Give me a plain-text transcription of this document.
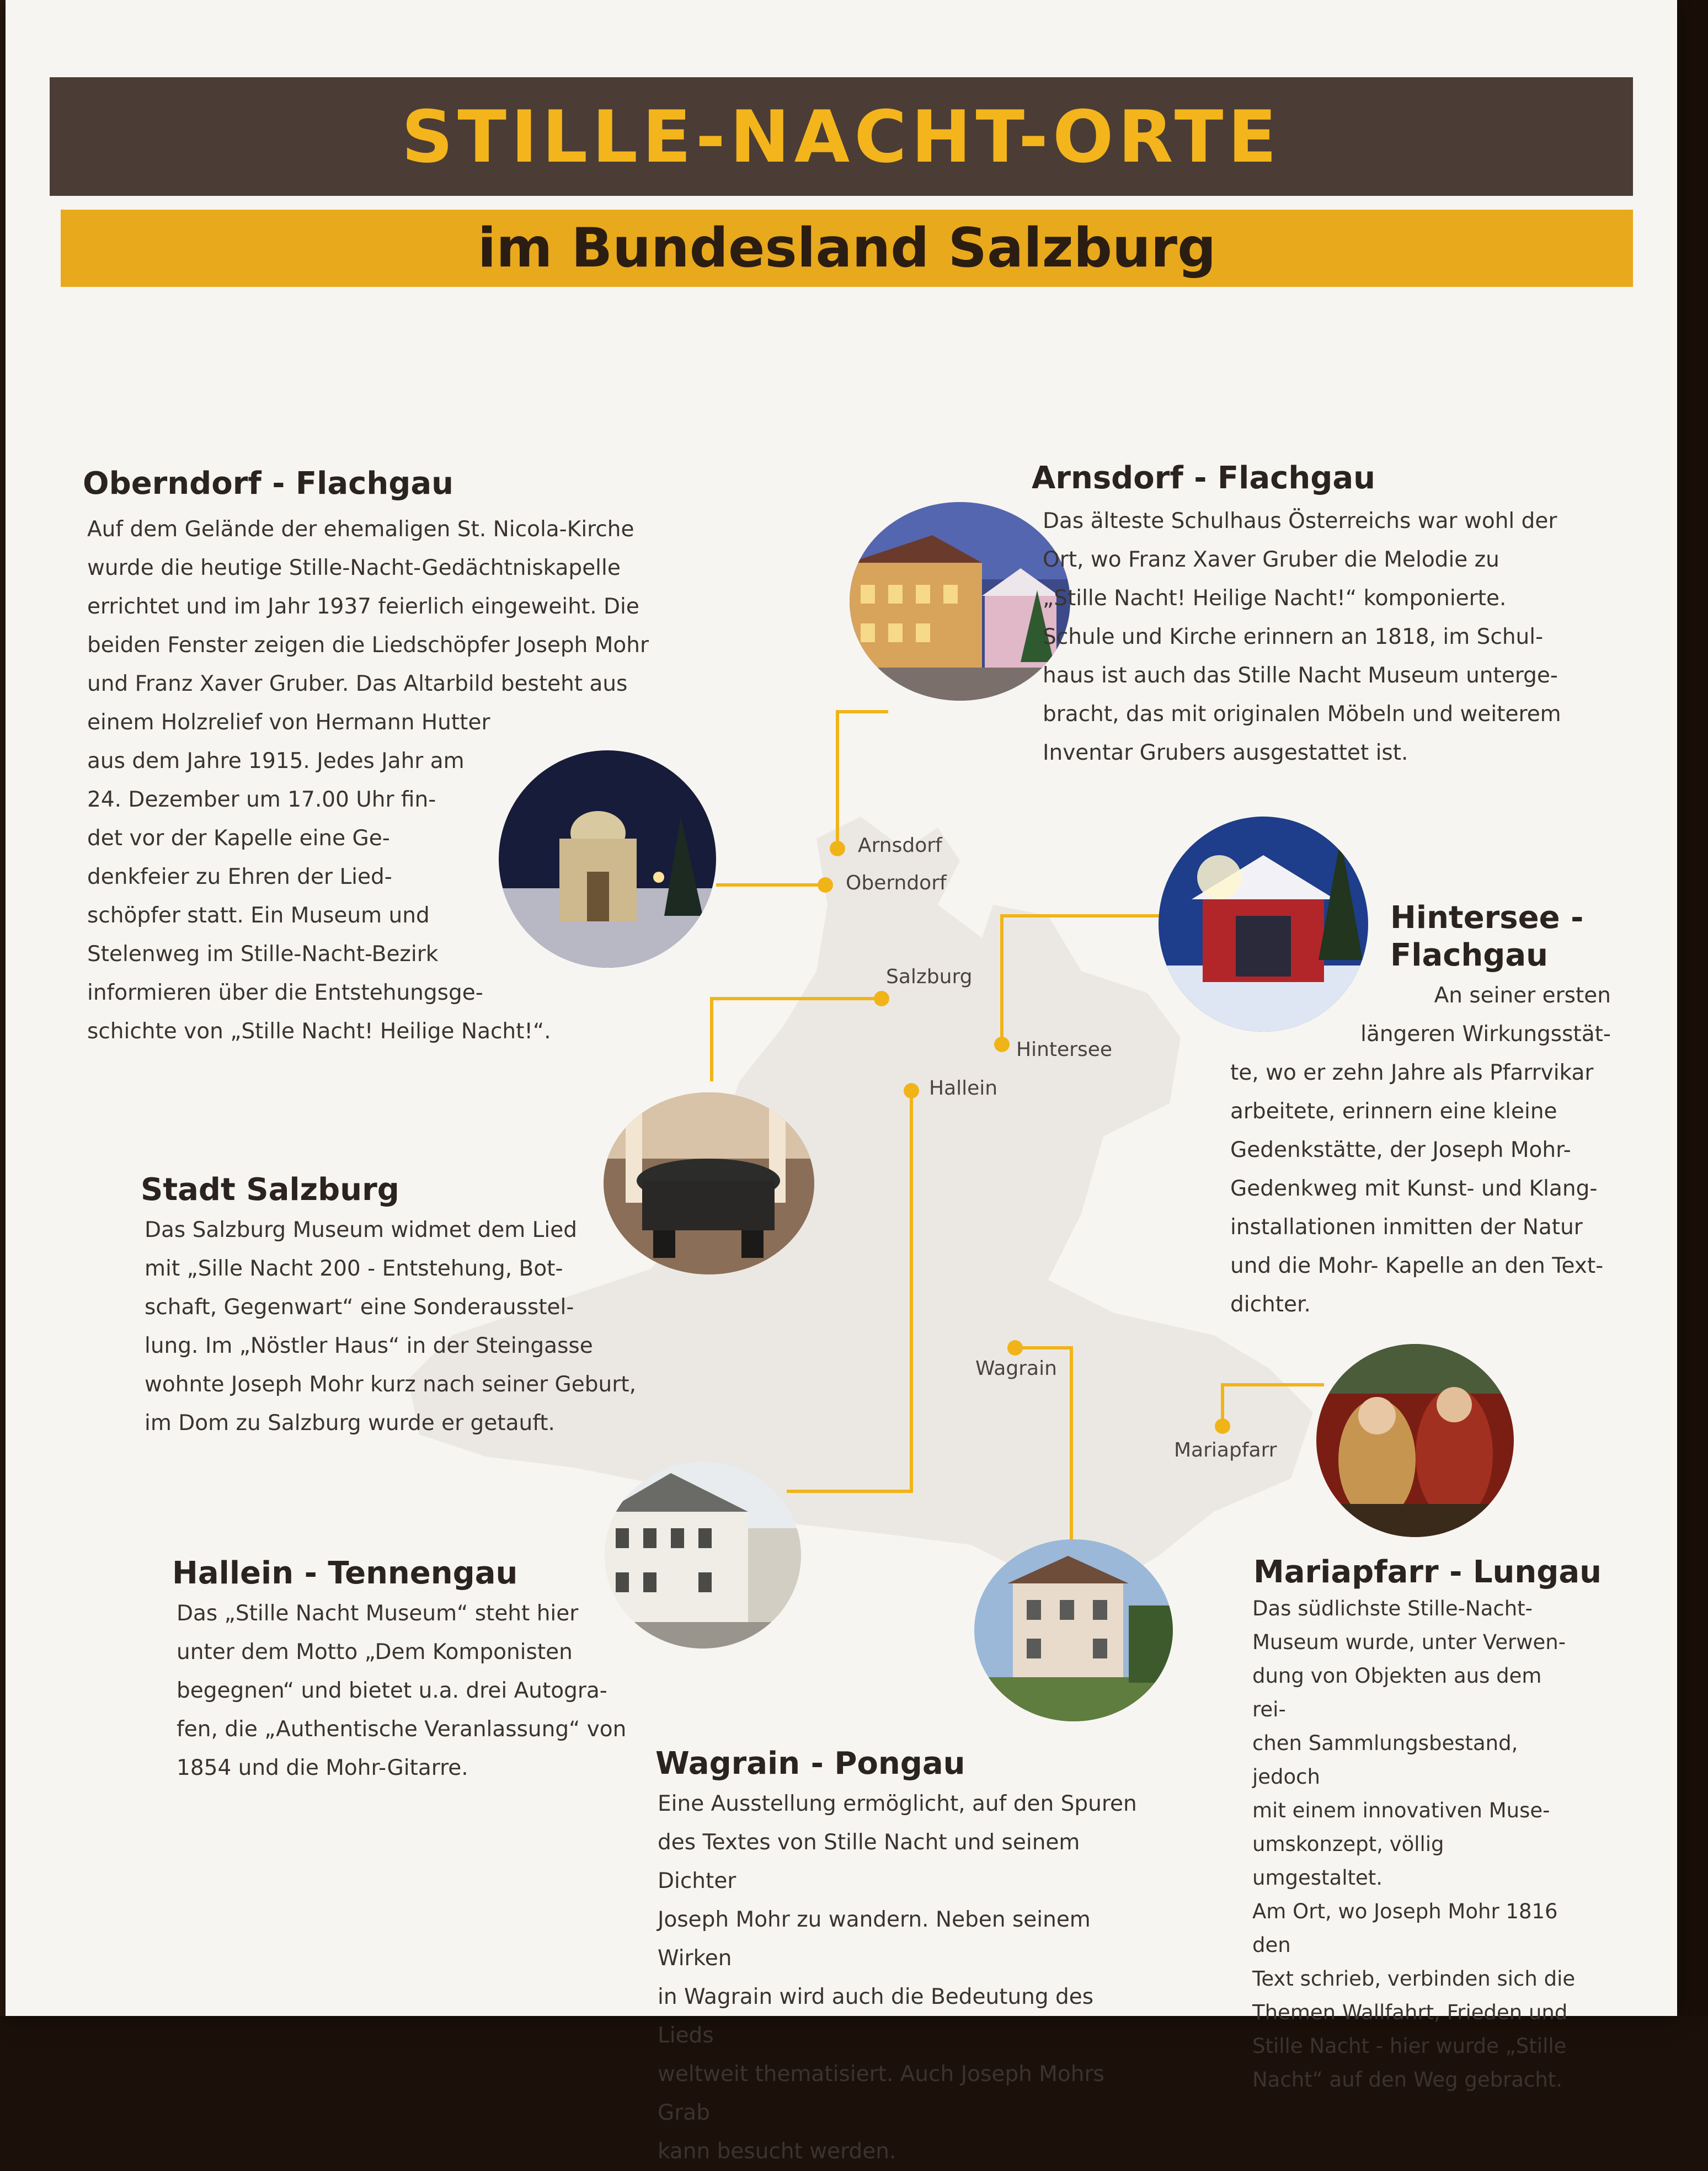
STILLE-NACHT-ORTE
im Bundesland Salzburg
Arnsdorf
Oberndorf
Salzburg
Hintersee
Hallein
Wagrain
Mariapfarr
Oberndorf - Flachgau
Auf dem Gelände der ehemaligen St. Nicola-Kirche
wurde die heutige Stille-Nacht-Gedächtniskapelle
errichtet und im Jahr 1937 feierlich eingeweiht. Die
beiden Fenster zeigen die Liedschöpfer Joseph Mohr
und Franz Xaver Gruber. Das Altarbild besteht aus
einem Holzrelief von Hermann Hutter
aus dem Jahre 1915. Jedes Jahr am
24. Dezember um 17.00 Uhr fin-
det vor der Kapelle eine Ge-
denkfeier zu Ehren der Lied-
schöpfer statt. Ein Museum und
Stelenweg im Stille-Nacht-Bezirk
informieren über die Entstehungsge-
schichte von „Stille Nacht! Heilige Nacht!“.
Arnsdorf - Flachgau
Das älteste Schulhaus Österreichs war wohl der
Ort, wo Franz Xaver Gruber die Melodie zu
„Stille Nacht! Heilige Nacht!“ komponierte.
Schule und Kirche erinnern an 1818, im Schul-
haus ist auch das Stille Nacht Museum unterge-
bracht, das mit originalen Möbeln und weiterem
Inventar Grubers ausgestattet ist.
Hintersee -
Flachgau
An seiner ersten
längeren Wirkungsstät-
te, wo er zehn Jahre als Pfarrvikar
arbeitete, erinnern eine kleine
Gedenkstätte, der Joseph Mohr-
Gedenkweg mit Kunst- und Klang-
installationen inmitten der Natur
und die Mohr- Kapelle an den Text-
dichter.
Stadt Salzburg
Das Salzburg Museum widmet dem Lied
mit „Sille Nacht 200 - Entstehung, Bot-
schaft, Gegenwart“ eine Sonderausstel-
lung. Im „Nöstler Haus“ in der Steingasse
wohnte Joseph Mohr kurz nach seiner Geburt,
im Dom zu Salzburg wurde er getauft.
Hallein - Tennengau
Das „Stille Nacht Museum“ steht hier
unter dem Motto „Dem Komponisten
begegnen“ und bietet u.a. drei Autogra-
fen, die „Authentische Veranlassung“ von
1854 und die Mohr-Gitarre.	Wagrain - Pongau
Eine Ausstellung ermöglicht, auf den Spuren
des Textes von Stille Nacht und seinem Dichter
Joseph Mohr zu wandern. Neben seinem Wirken
in Wagrain wird auch die Bedeutung des Lieds
weltweit thematisiert. Auch Joseph Mohrs Grab
kann besucht werden.
Mariapfarr - Lungau
Das südlichste Stille-Nacht-
Museum wurde, unter Verwen-
dung von Objekten aus dem rei-
chen Sammlungsbestand, jedoch
mit einem innovativen Muse-
umskonzept, völlig umgestaltet.
Am Ort, wo Joseph Mohr 1816 den
Text schrieb, verbinden sich die
Themen Wallfahrt, Frieden und
Stille Nacht - hier wurde „Stille
Nacht“ auf den Weg gebracht.
